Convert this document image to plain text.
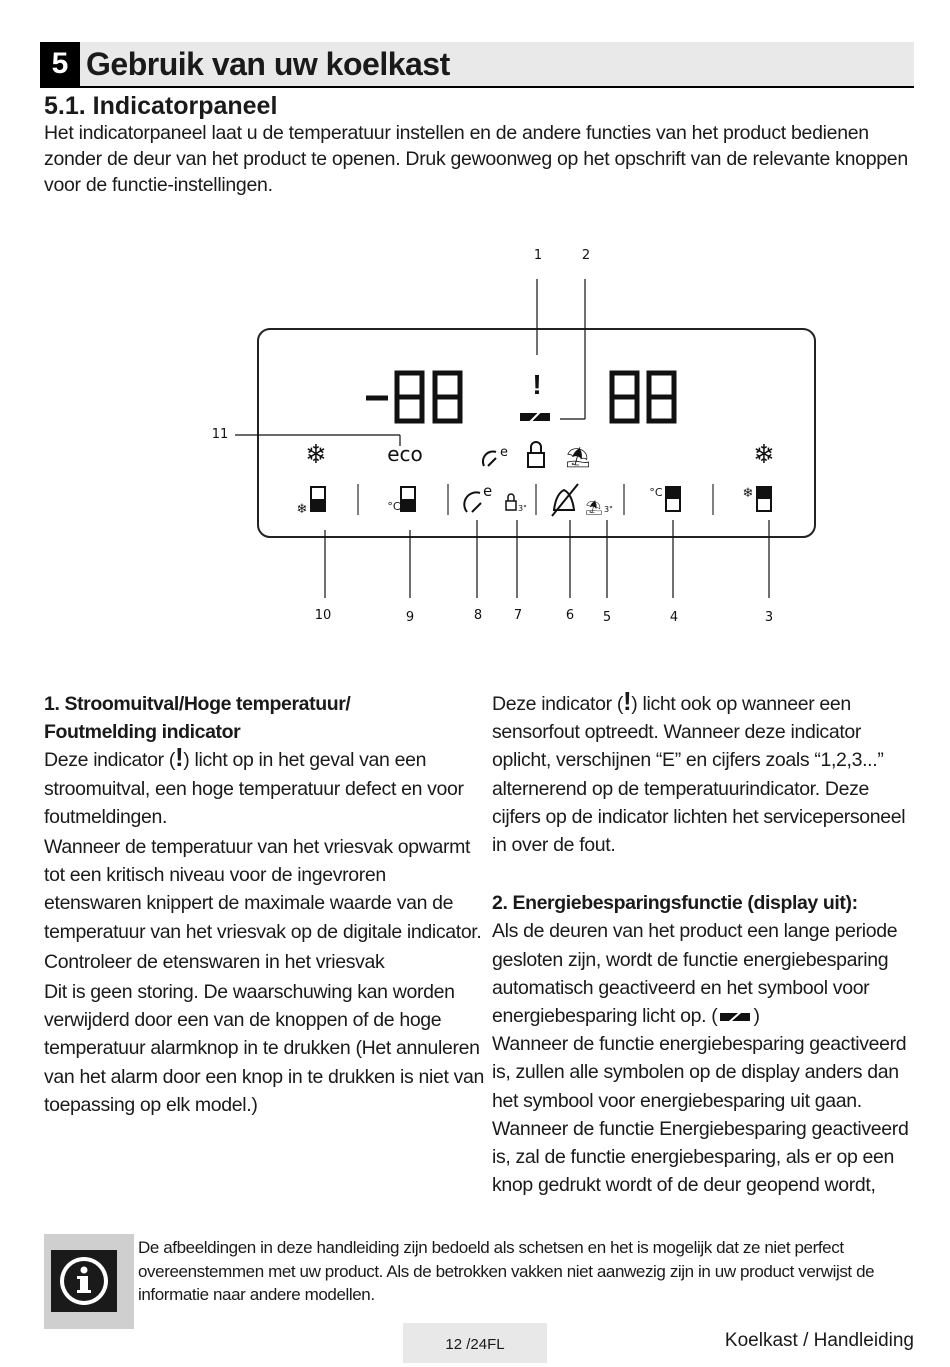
5 Gebruik van uw koelkast
5.1. Indicatorpaneel
Het indicatorpaneel laat u de temperatuur instellen en de andere functies van het product bedienen zonder de deur van het product te openen. Druk gewoonweg op het opschrift van de relevante knoppen voor de functie-instellingen.
!
eco
❄	❄
e	⛱
❄	°C
e
3"	⛱ 3"
°C	❄
1	2
3
4
5
6
7
8
9
10
11

1. Stroomuitval/Hoge temperatuur/

Foutmelding indicator

Deze indicator (!) licht op in het geval van een stroomuitval, een hoge temperatuur defect en voor foutmeldingen.

Wanneer de temperatuur van het vriesvak opwarmt tot een kritisch niveau voor de ingevroren etenswaren knippert de maximale waarde van de temperatuur van het vriesvak op de digitale indicator.

Controleer de etenswaren in het vriesvak

Dit is geen storing. De waarschuwing kan worden verwijderd door een van de knoppen of de hoge temperatuur alarmknop in te drukken (Het annuleren van het alarm door een knop in te drukken is niet van toepassing op elk model.)

Deze indicator (!) licht ook op wanneer een sensorfout optreedt. Wanneer deze indicator oplicht, verschijnen “E” en cijfers zoals “1,2,3...” alternerend op de temperatuurindicator. Deze cijfers op de indicator lichten het servicepersoneel in over de fout.

2. Energiebesparingsfunctie (display uit):

Als de deuren van het product een lange periode gesloten zijn, wordt de functie energiebesparing automatisch geactiveerd en het symbool voor energiebesparing licht op. ( )

Wanneer de functie energiebesparing geactiveerd is, zullen alle symbolen op de display anders dan het symbool voor energiebesparing uit gaan.

Wanneer de functie Energiebesparing geactiveerd is, zal de functie energiebesparing, als er op een knop gedrukt wordt of de deur geopend wordt,

De afbeeldingen in deze handleiding zijn bedoeld als schetsen en het is mogelijk dat ze niet perfect overeenstemmen met uw product. Als de betrokken vakken niet aanwezig zijn in uw product verwijst de informatie naar andere modellen.
12 /24FL	Koelkast / Handleiding
